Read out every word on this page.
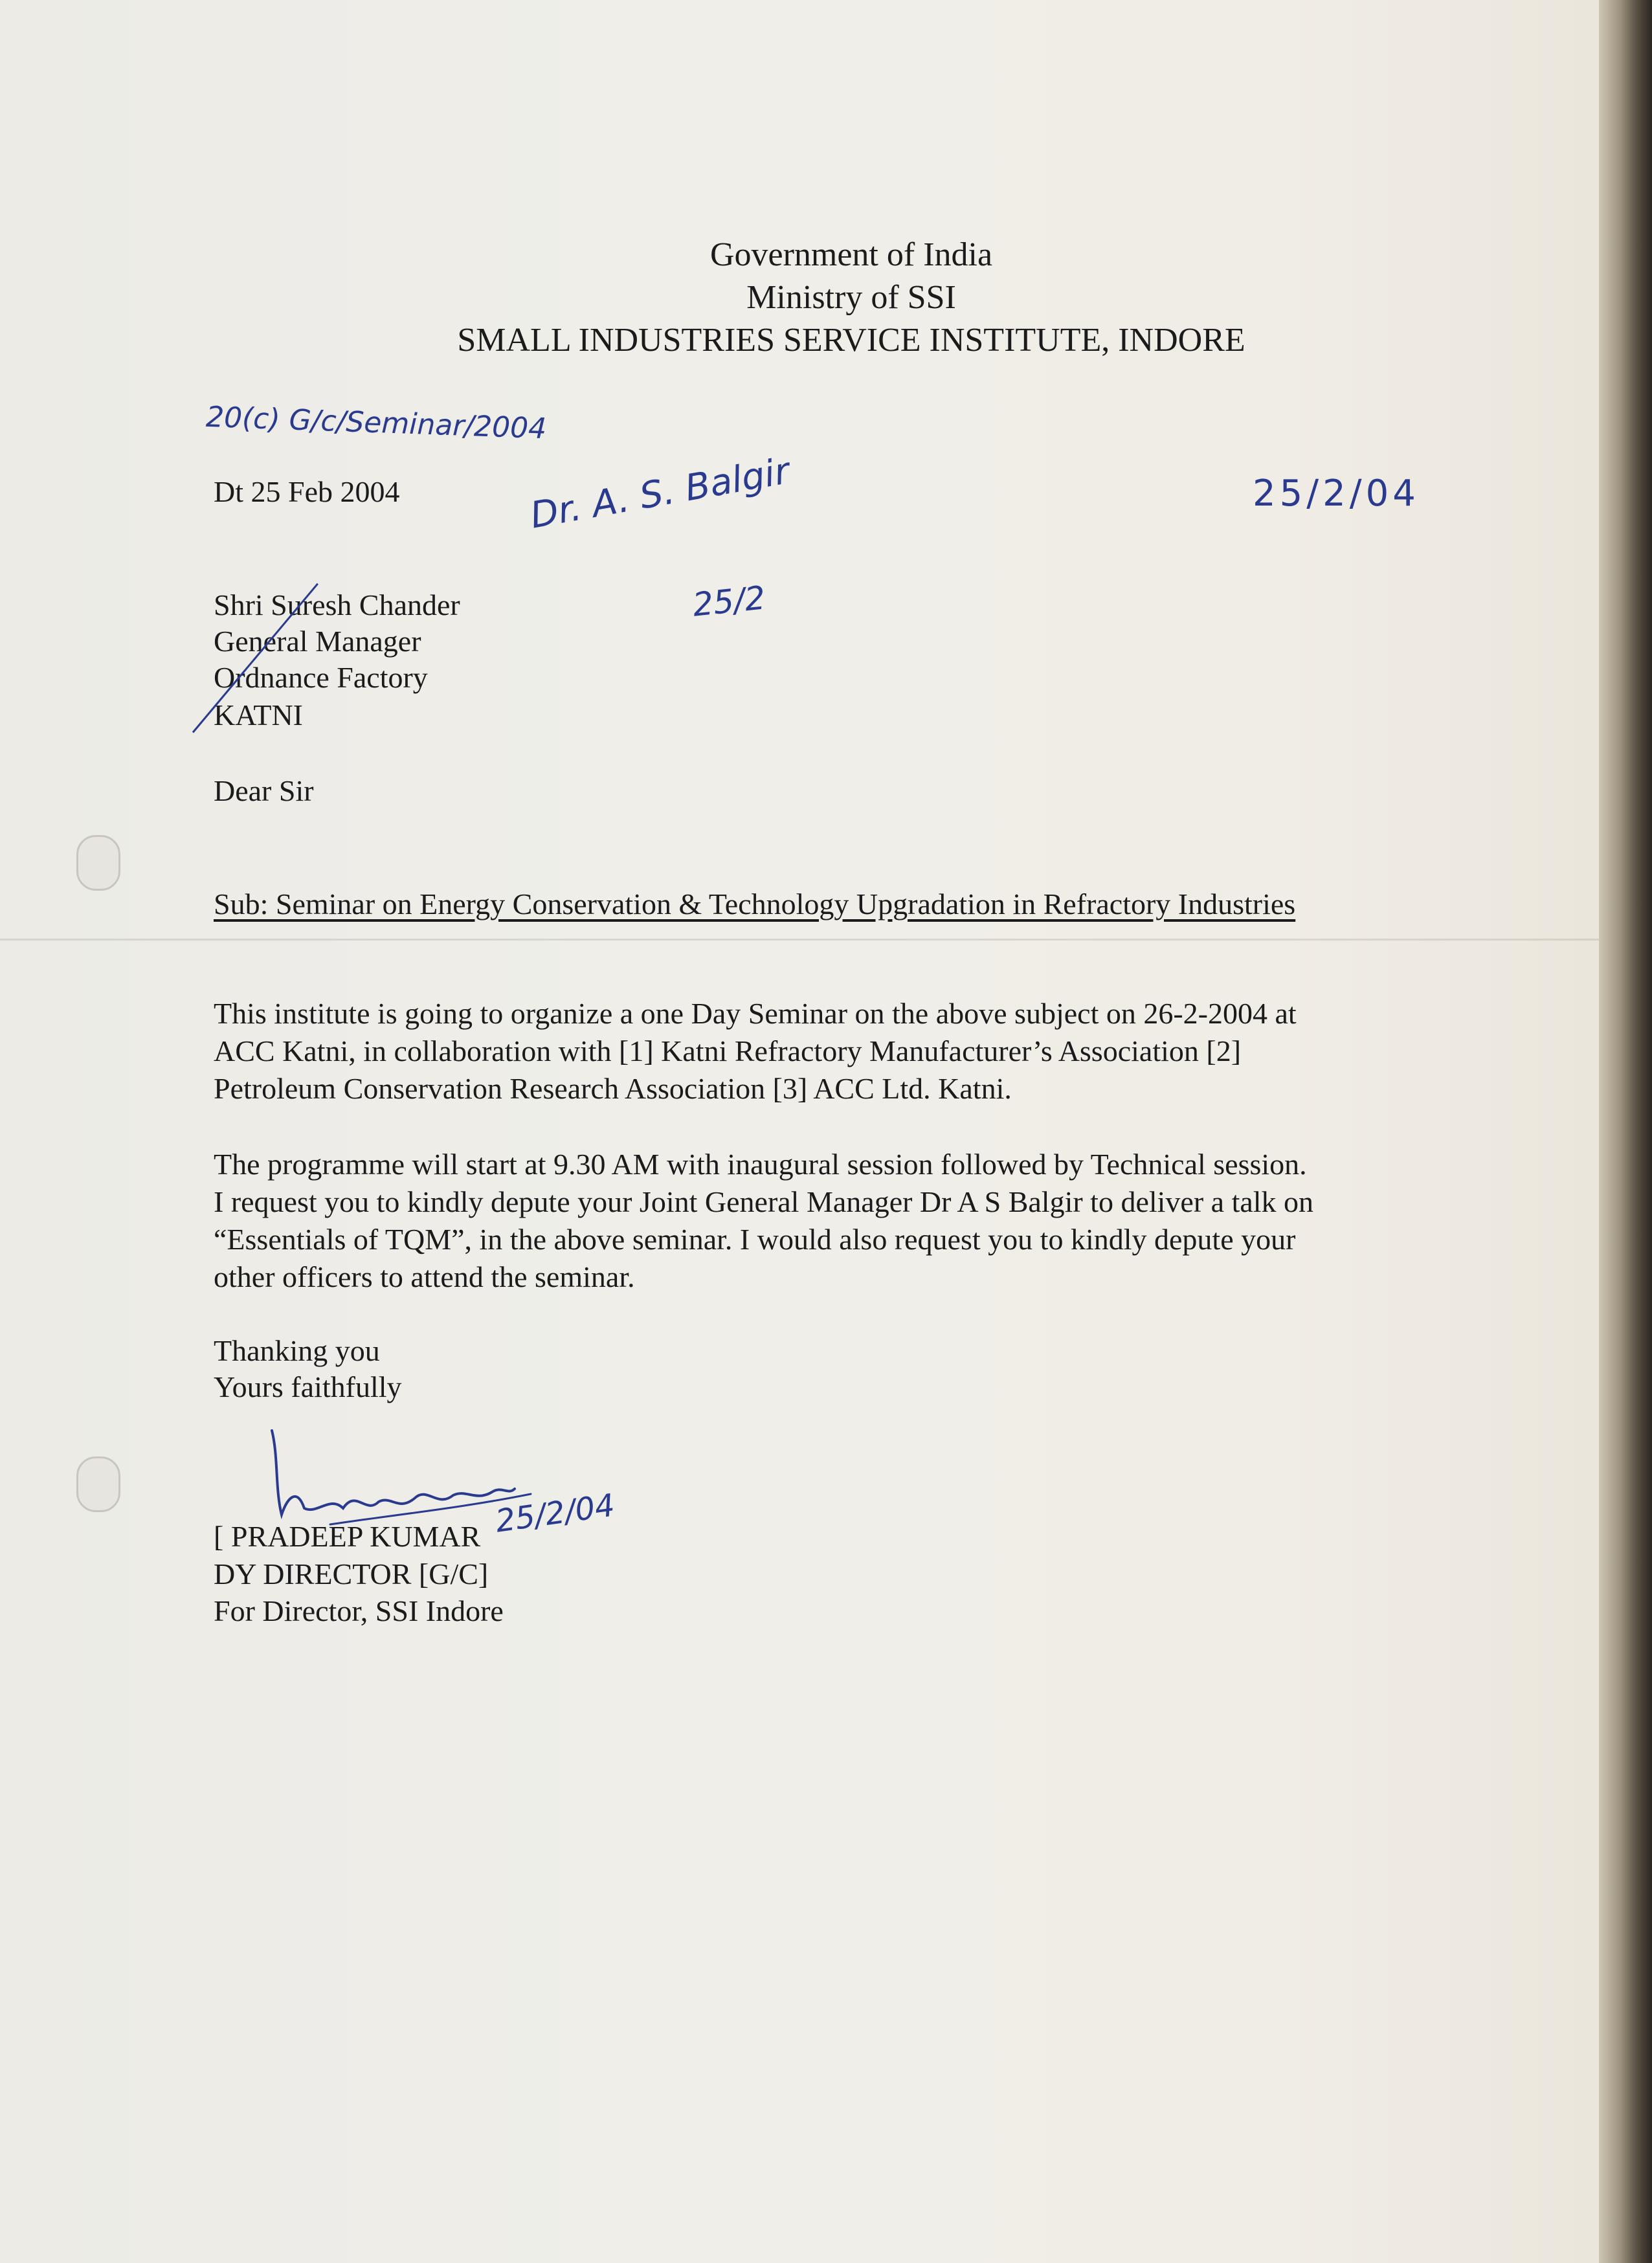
Government of India
Ministry of SSI
SMALL INDUSTRIES SERVICE INSTITUTE, INDORE
20(c) G/c/Seminar/2004
Dr. A. S. Balgir
25/2
25/2/04
Dt 25 Feb 2004
Shri Suresh Chander
General Manager
Ordnance Factory
KATNI
Dear Sir
Sub: Seminar on Energy Conservation & Technology Upgradation in Refractory Industries
This institute is going to organize a one Day Seminar on the above subject on 26-2-2004 at
ACC Katni, in collaboration with [1] Katni Refractory Manufacturer’s Association [2]
Petroleum Conservation Research Association [3] ACC Ltd. Katni.
The programme will start at 9.30 AM with inaugural session followed by Technical session.
I request you to kindly depute your Joint General Manager Dr A S Balgir to deliver a talk on
“Essentials of TQM”, in the above seminar. I would also request you to kindly depute your
other officers to attend the seminar.
Thanking you
Yours faithfully
25/2/04
[ PRADEEP KUMAR
DY DIRECTOR [G/C]
For Director, SSI Indore
